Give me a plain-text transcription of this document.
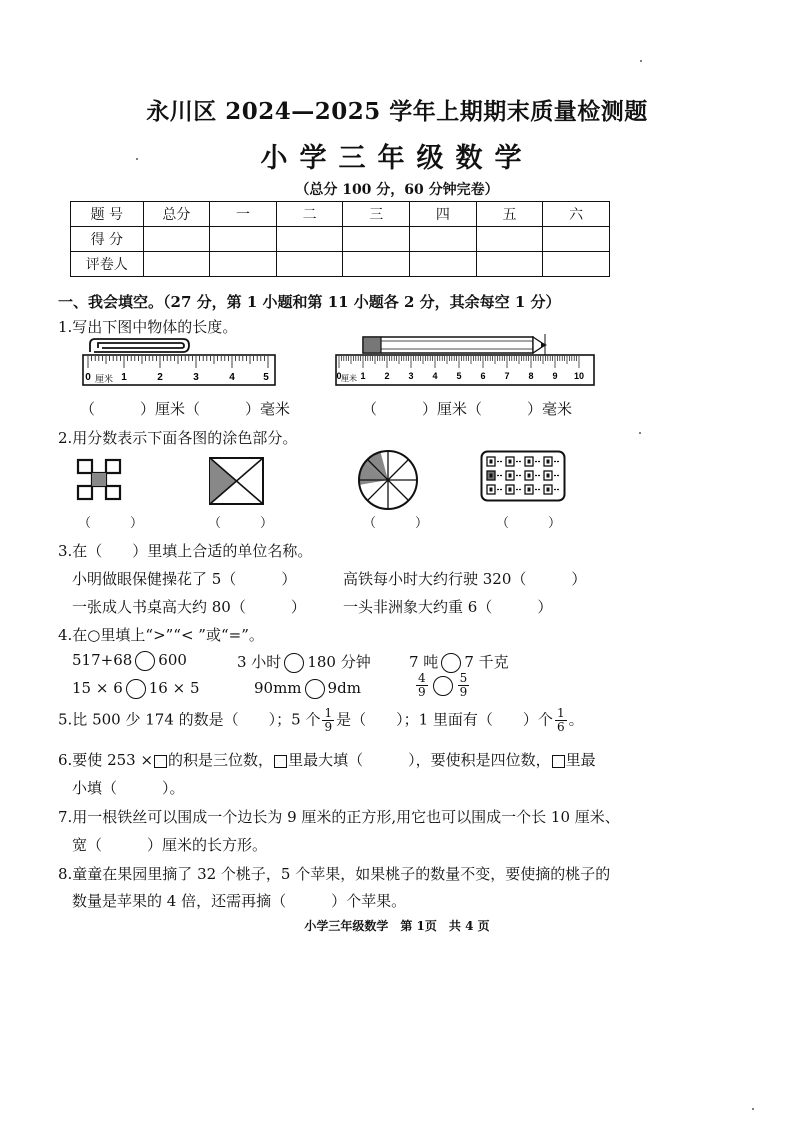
永川区 2024—2025 学年上期期末质量检测题
小学三年级数学
（总分 100 分，60 分钟完卷）
题 号	总分	一	二	三	四	五	六
得 分							
评卷人							
一、我会填空。（27 分，第 1 小题和第 11 小题各 2 分，其余每空 1 分）
1.写出下图中物体的长度。
厘米
0	1	2	3	4	5	厘米
0 1 2 3 4 5 6 7 8 9 10
（　　　）厘米（　　　）毫米	（　　　）厘米（　　　）毫米
2.用分数表示下面各图的涂色部分。
（　　　）	（　　　）	（　　　）	（　　　）
3.在（　　）里填上合适的单位名称。
小明做眼保健操花了 5（　　　）	高铁每小时大约行驶 320（　　　）
一张成人书桌高大约 80（　　　） 一头非洲象大约重 6（　　　）
4.在○里填上“>”“< ”或“=”。
517+68 600	3 小时 180 分钟	7 吨 7 千克
15 × 6 16 × 5	90mm 9dm	$\frac{4}{9}$	$\frac{5}{9}$
5.比 500 少 174 的数是（　　）；5 个 $\frac{1}{9}$ 是（　　）；1 里面有（　　）个 $\frac{1}{6}$ 。
6.要使 253 × 的积是三位数， 里最大填（　　　），要使积是四位数， 里最
小填（　　　）。
7.用一根铁丝可以围成一个边长为 9 厘米的正方形,用它也可以围成一个长 10 厘米、
宽（　　　）厘米的长方形。
8.童童在果园里摘了 32 个桃子，5 个苹果，如果桃子的数量不变，要使摘的桃子的
数量是苹果的 4 倍，还需再摘（　　　）个苹果。
小学三年级数学　第 1页　共 4 页
